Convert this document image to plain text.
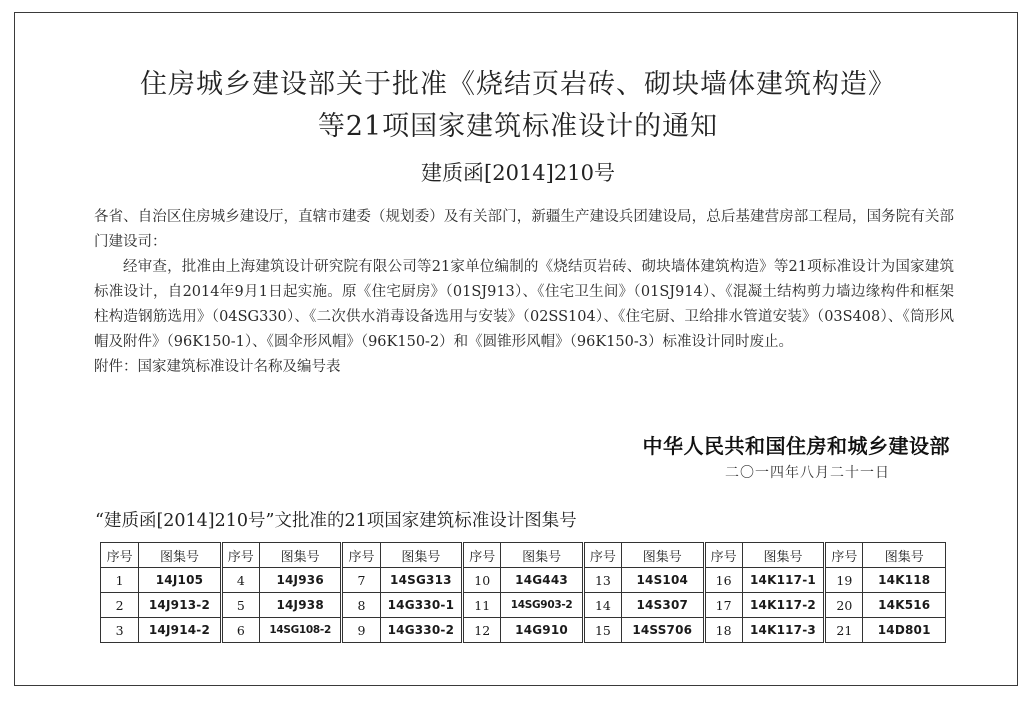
住房城乡建设部关于批准《烧结页岩砖、砌块墙体建筑构造》
等21项国家建筑标准设计的通知
建质函[2014]210号

各省、自治区住房城乡建设厅，直辖市建委（规划委）及有关部门，新疆生产建设兵团建设局，总后基建营房部工程局，国务院有关部门建设司：

经审查，批准由上海建筑设计研究院有限公司等21家单位编制的《烧结页岩砖、砌块墙体建筑构造》等21项标准设计为国家建筑标准设计，自2014年9月1日起实施。原《住宅厨房》（01SJ913）、《住宅卫生间》（01SJ914）、《混凝土结构剪力墙边缘构件和框架柱构造钢筋选用》（04SG330）、《二次供水消毒设备选用与安装》（02SS104）、《住宅厨、卫给排水管道安装》（03S408）、《筒形风帽及附件》（96K150-1）、《圆伞形风帽》（96K150-2）和《圆锥形风帽》（96K150-3）标准设计同时废止。

附件：国家建筑标准设计名称及编号表

中华人民共和国住房和城乡建设部
二〇一四年八月二十一日
“建质函[2014]210号”文批准的21项国家建筑标准设计图集号
序号	图集号	序号	图集号	序号	图集号	序号	图集号	序号	图集号	序号	图集号	序号	图集号
1	14J105	4	14J936	7	14SG313	10	14G443	13	14S104	16	14K117-1	19	14K118
2	14J913-2	5	14J938	8	14G330-1	11	14SG903-2	14	14S307	17	14K117-2	20	14K516
3	14J914-2	6	14SG108-2	9	14G330-2	12	14G910	15	14SS706	18	14K117-3	21	14D801
